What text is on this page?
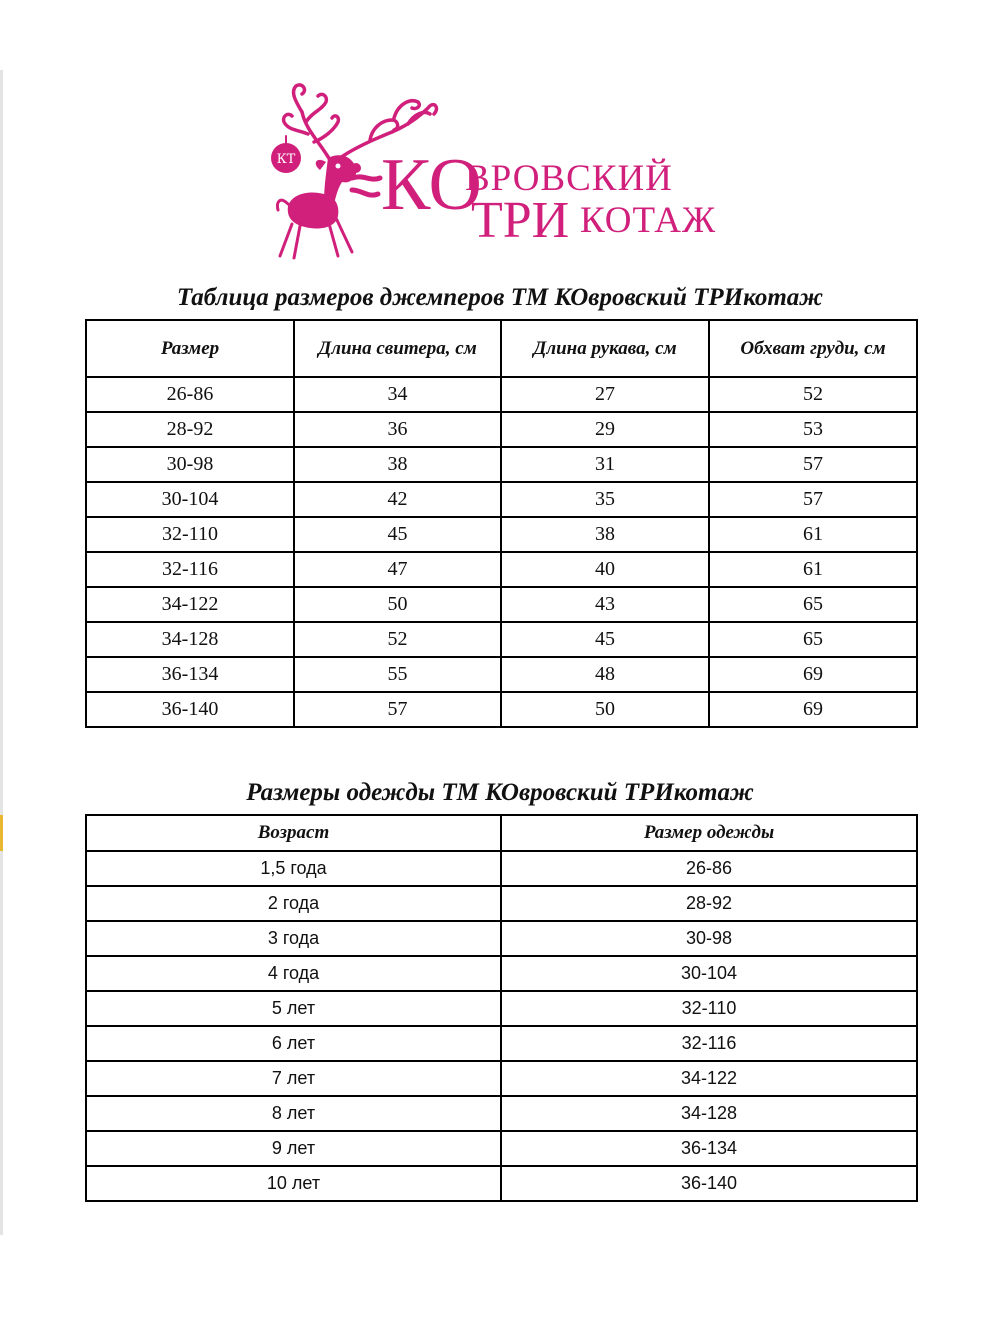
КТ КО
ВРОВСКИЙ
ТРИ КОТАЖ
Таблица размеров джемперов ТМ КОвровский ТРИкотаж
Размер	Длина свитера, см	Длина рукава, см	Обхват груди, см
26-86	34	27	52
28-92	36	29	53
30-98	38	31	57
30-104	42	35	57
32-110	45	38	61
32-116	47	40	61
34-122	50	43	65
34-128	52	45	65
36-134	55	48	69
36-140	57	50	69
Размеры одежды ТМ КОвровский ТРИкотаж
Возраст	Размер одежды
1,5 года	26-86
2 года	28-92
3 года	30-98
4 года	30-104
5 лет	32-110
6 лет	32-116
7 лет	34-122
8 лет	34-128
9 лет	36-134
10 лет	36-140
